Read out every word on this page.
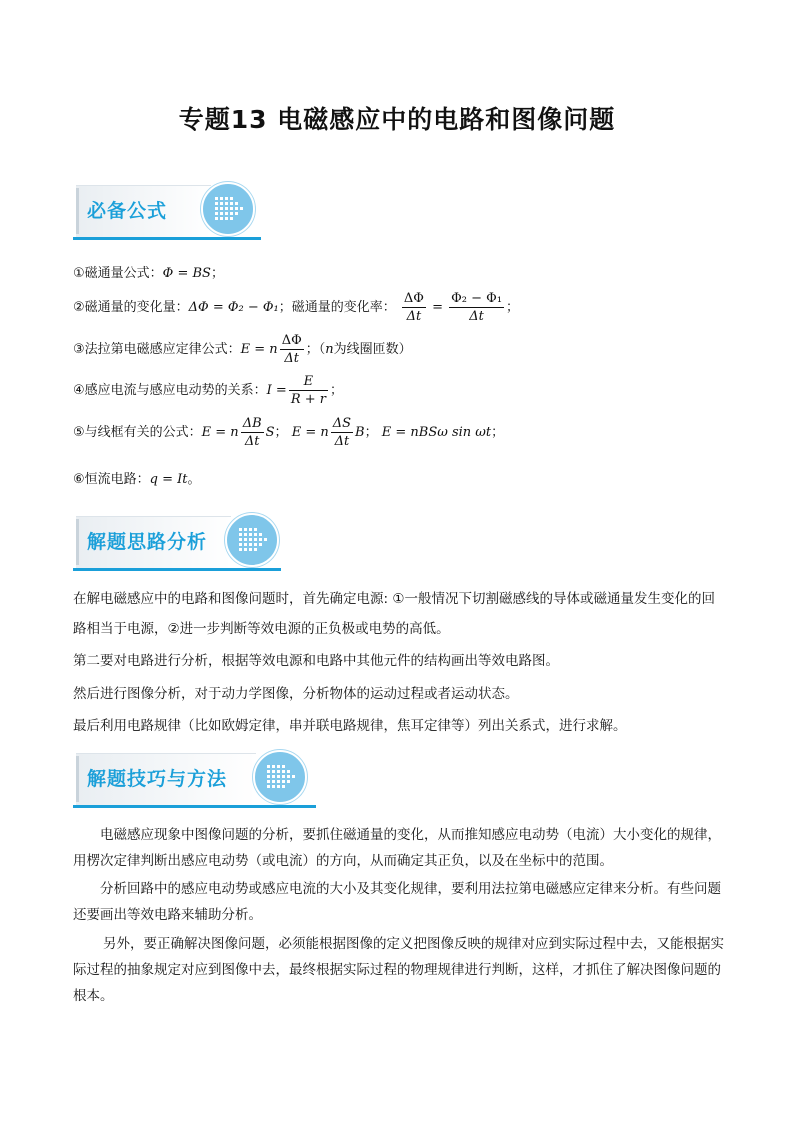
专题13 电磁感应中的电路和图像问题
必备公式
①磁通量公式：Φ = BS；
②磁通量的变化量：ΔΦ = Φ₂ − Φ₁；磁通量的变化率： $\frac{\Delta\Phi}{\Delta t} = \frac{\text{Φ₂ − Φ₁}}{\Delta t}$ ；
③法拉第电磁感应定律公式：E = n $\frac{\Delta\Phi}{\Delta t}$ ；（n为线圈匝数）
④感应电流与感应电动势的关系：$I = \frac{E}{R + r}$ ；
⑤与线框有关的公式：E = n $\frac{\Delta B}{\Delta t}$ S； E = n $\frac{\Delta S}{\Delta t}$ B； E = nBSω sin ωt；
⑥恒流电路：q = It。
解题思路分析
在解电磁感应中的电路和图像问题时，首先确定电源: ①一般情况下切割磁感线的导体或磁通量发生变化的回路相当于电源，②进一步判断等效电源的正负极或电势的高低。
第二要对电路进行分析，根据等效电源和电路中其他元件的结构画出等效电路图。
然后进行图像分析，对于动力学图像，分析物体的运动过程或者运动状态。
最后利用电路规律（比如欧姆定律，串并联电路规律，焦耳定律等）列出关系式，进行求解。
解题技巧与方法
电磁感应现象中图像问题的分析，要抓住磁通量的变化，从而推知感应电动势（电流）大小变化的规律，用楞次定律判断出感应电动势（或电流）的方向，从而确定其正负，以及在坐标中的范围。
分析回路中的感应电动势或感应电流的大小及其变化规律，要利用法拉第电磁感应定律来分析。有些问题还要画出等效电路来辅助分析。
另外，要正确解决图像问题，必须能根据图像的定义把图像反映的规律对应到实际过程中去，又能根据实际过程的抽象规定对应到图像中去，最终根据实际过程的物理规律进行判断，这样，才抓住了解决图像问题的根本。
